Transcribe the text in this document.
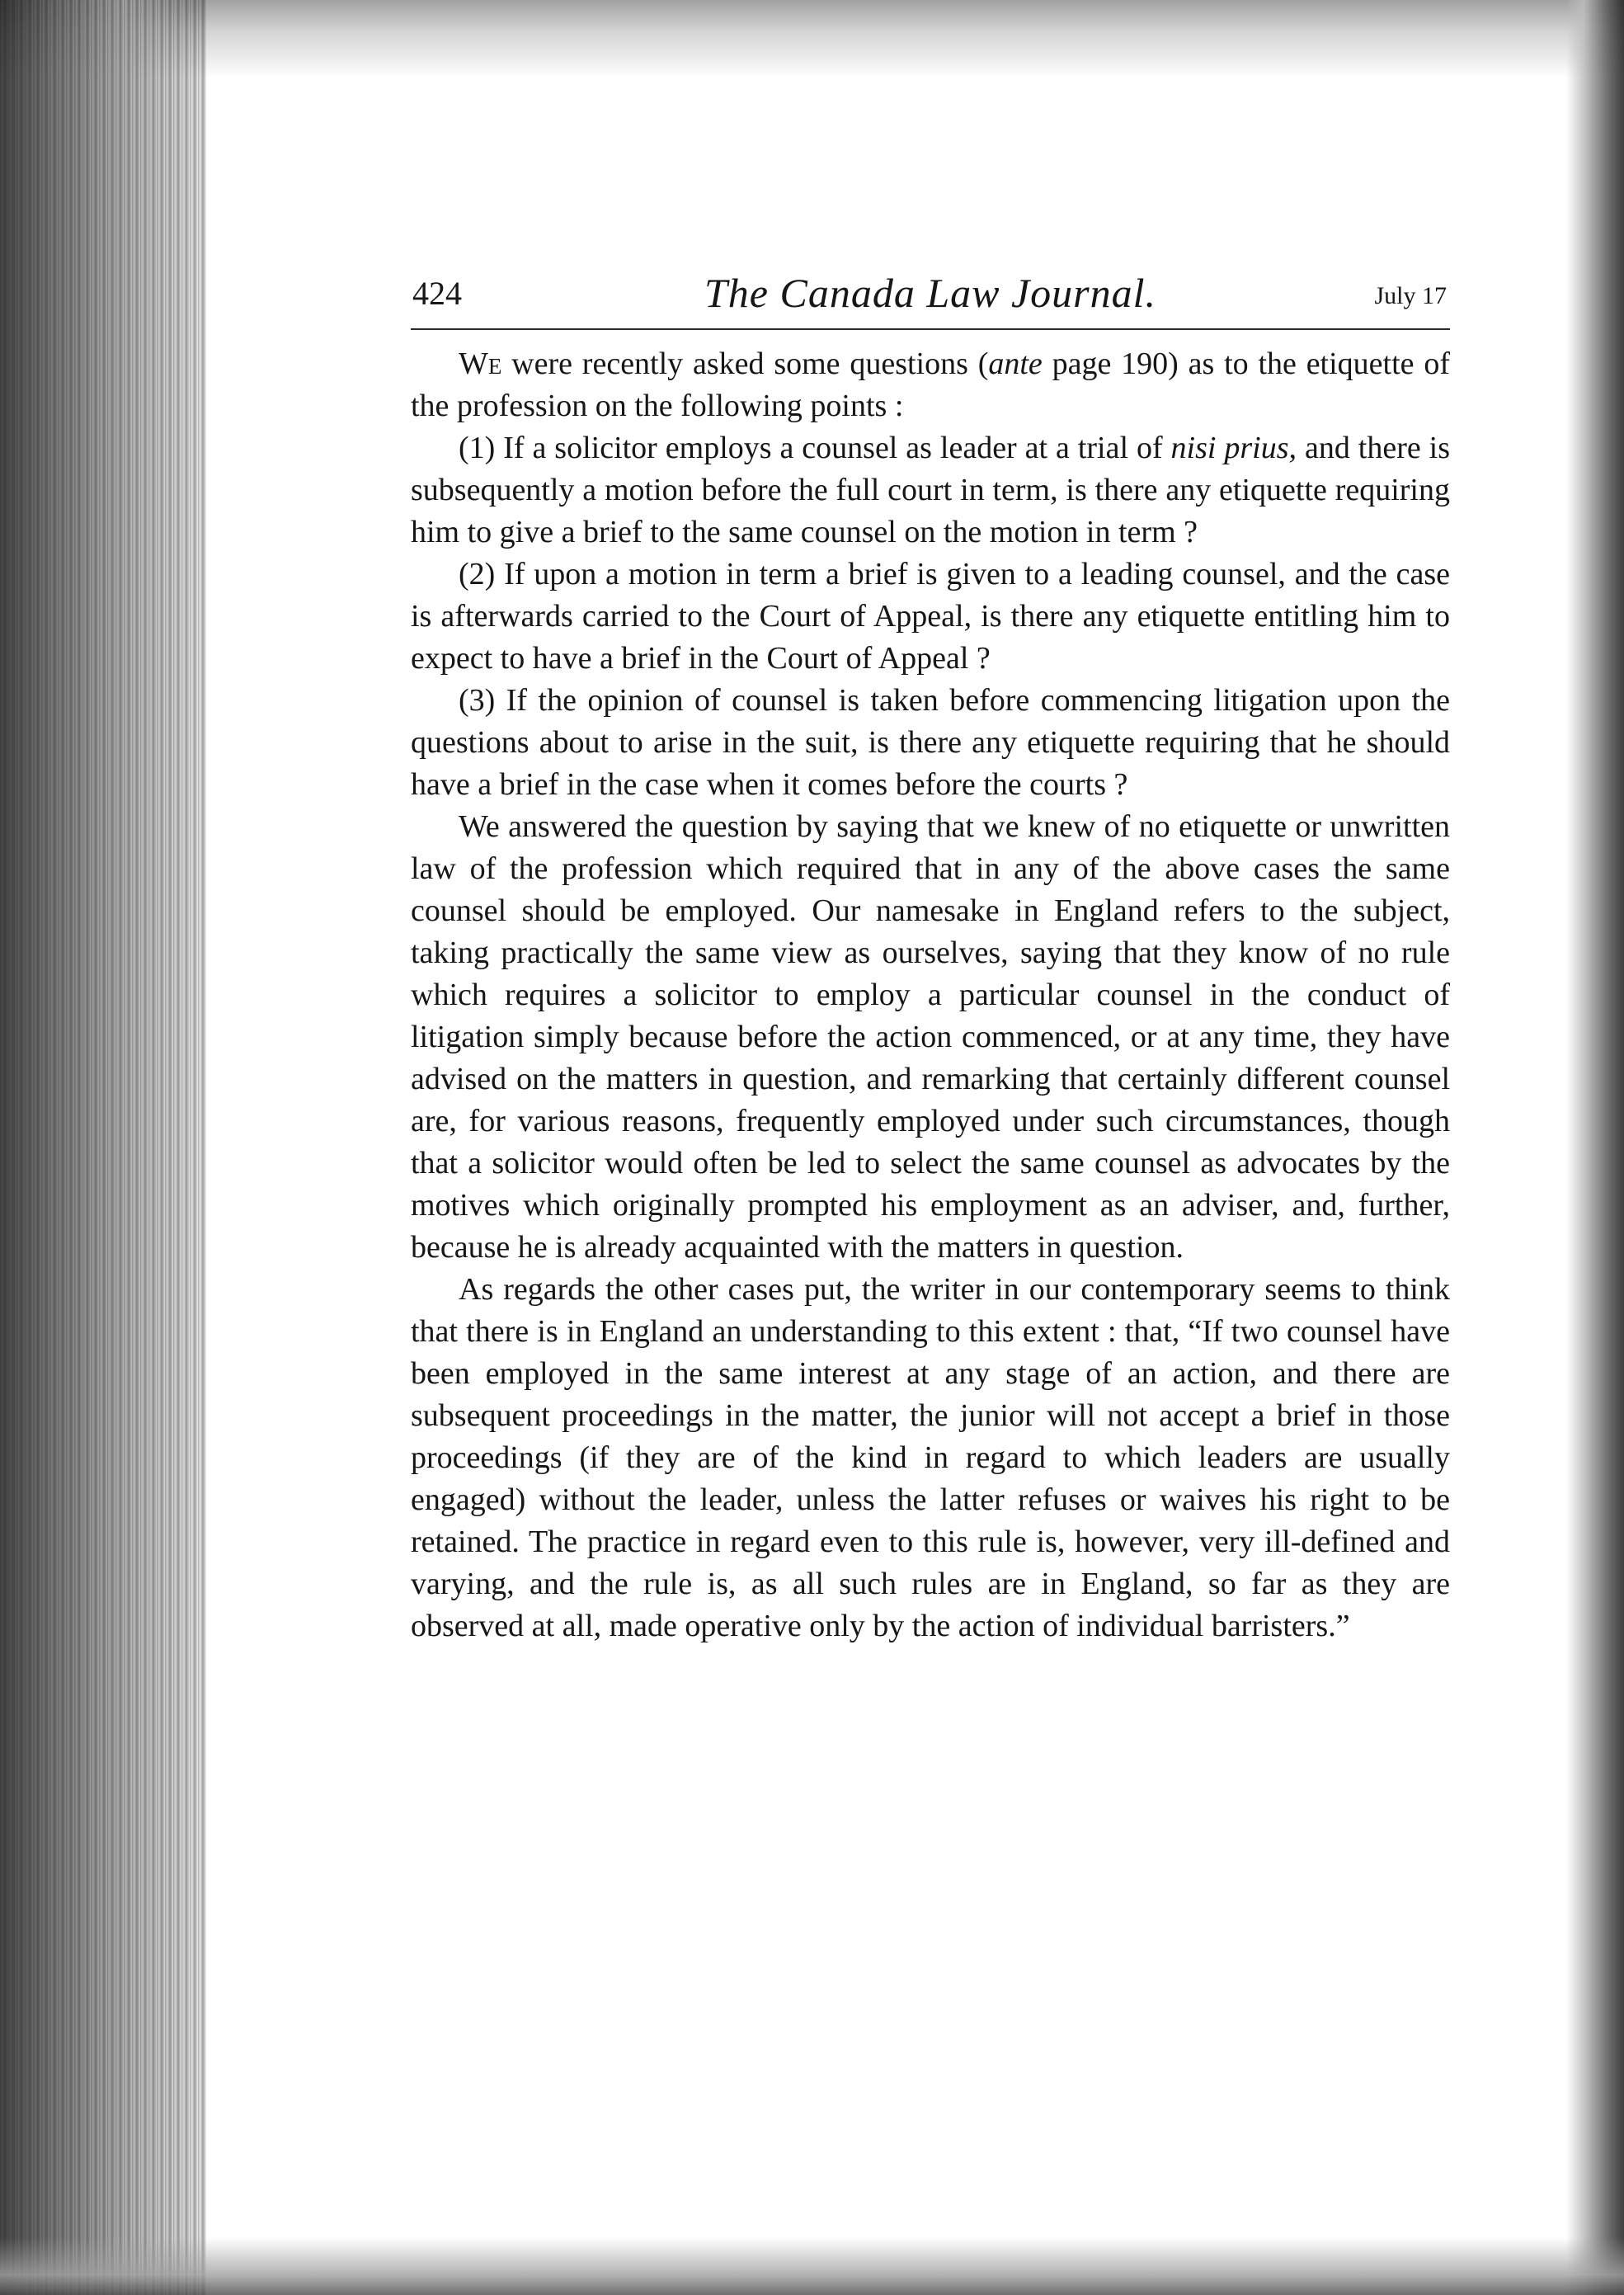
424	The Canada Law Journal.	July 17

We were recently asked some questions (ante page 190) as to the etiquette of the profession on the following points :

(1) If a solicitor employs a counsel as leader at a trial of nisi prius, and there is subsequently a motion before the full court in term, is there any etiquette requiring him to give a brief to the same counsel on the motion in term ?

(2) If upon a motion in term a brief is given to a leading counsel, and the case is afterwards carried to the Court of Appeal, is there any etiquette entitling him to expect to have a brief in the Court of Appeal ?

(3) If the opinion of counsel is taken before commencing litigation upon the questions about to arise in the suit, is there any etiquette requiring that he should have a brief in the case when it comes before the courts ?

We answered the question by saying that we knew of no etiquette or unwritten law of the profession which required that in any of the above cases the same counsel should be employed. Our namesake in England refers to the subject, taking practically the same view as ourselves, saying that they know of no rule which requires a solicitor to employ a particular counsel in the conduct of litigation simply because before the action commenced, or at any time, they have advised on the matters in question, and remarking that certainly different counsel are, for various reasons, frequently employed under such circumstances, though that a solicitor would often be led to select the same counsel as advocates by the motives which originally prompted his employment as an adviser, and, further, because he is already acquainted with the matters in question.

As regards the other cases put, the writer in our contemporary seems to think that there is in England an understanding to this extent : that, “If two counsel have been employed in the same interest at any stage of an action, and there are subsequent proceedings in the matter, the junior will not accept a brief in those proceedings (if they are of the kind in regard to which leaders are usually engaged) without the leader, unless the latter refuses or waives his right to be retained. The practice in regard even to this rule is, however, very ill-defined and varying, and the rule is, as all such rules are in England, so far as they are observed at all, made operative only by the action of individual barristers.”
